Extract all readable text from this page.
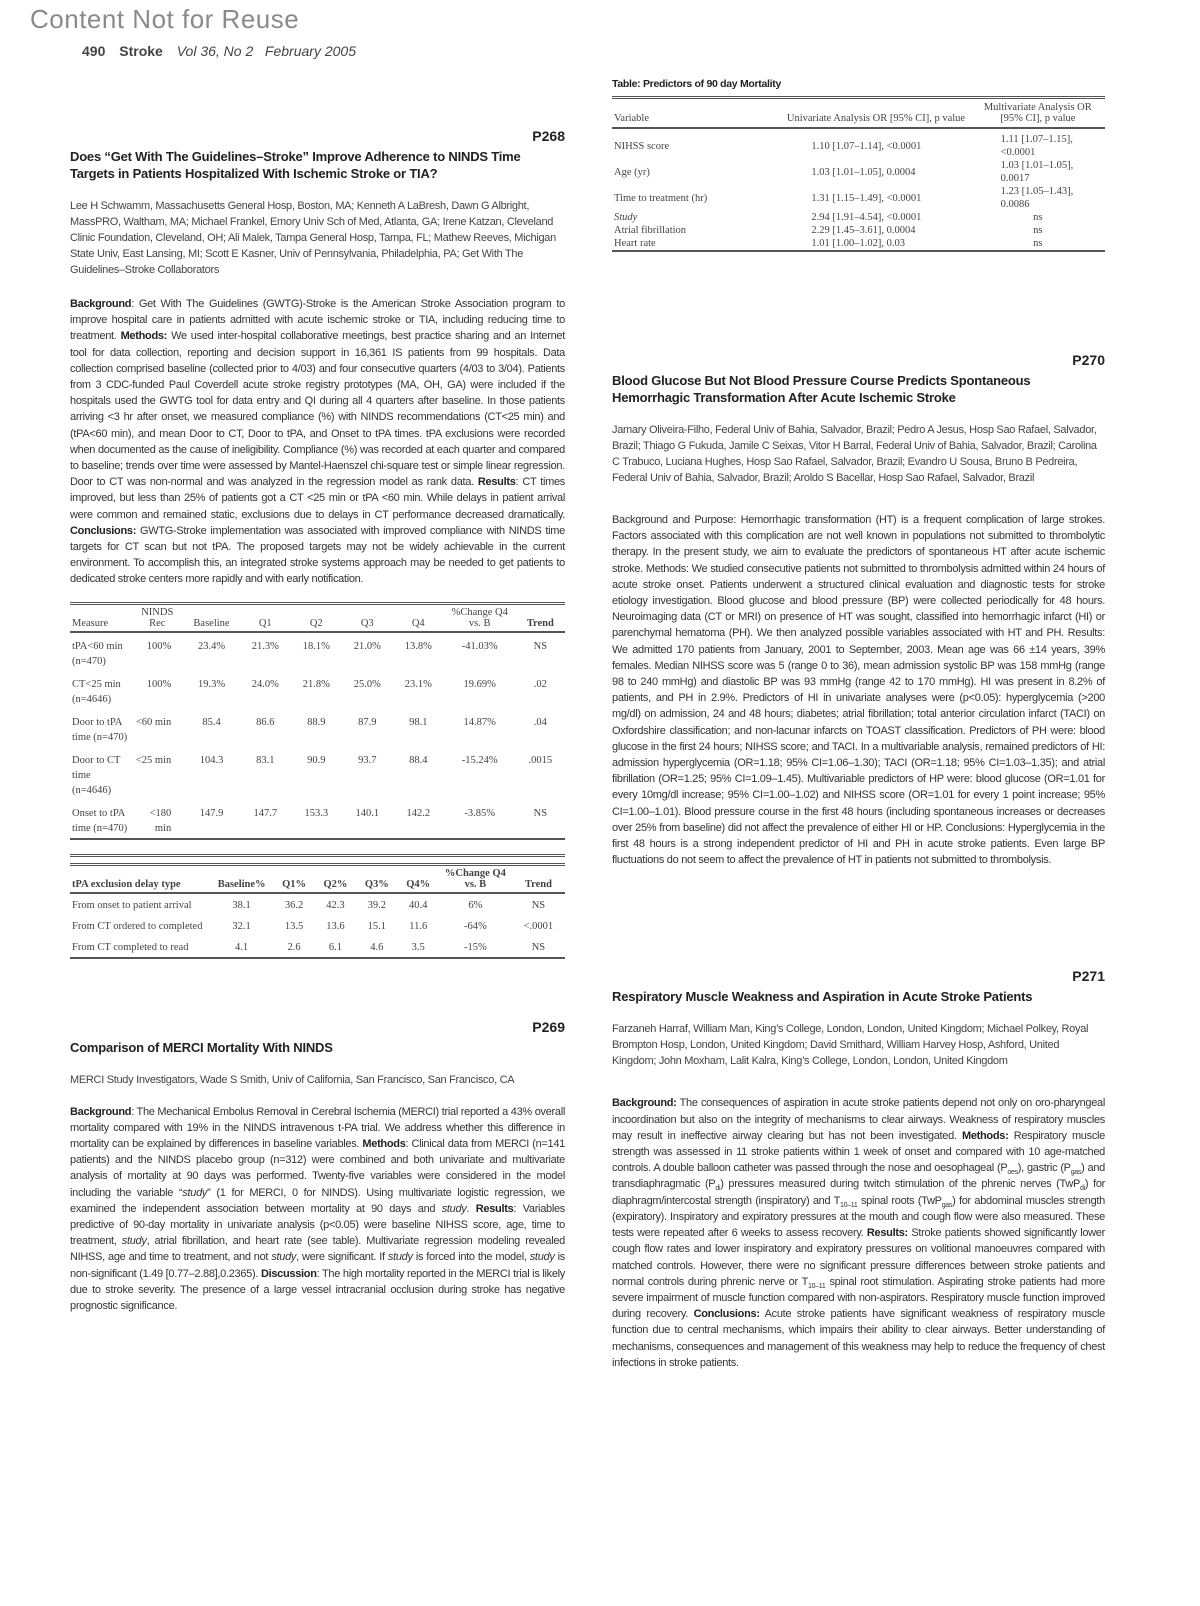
Content Not for Reuse
490 Stroke Vol 36, No 2 February 2005
P268
Does “Get With The Guidelines–Stroke” Improve Adherence to NINDS Time Targets in Patients Hospitalized With Ischemic Stroke or TIA?
Lee H Schwamm, Massachusetts General Hosp, Boston, MA; Kenneth A LaBresh, Dawn G Albright, MassPRO, Waltham, MA; Michael Frankel, Emory Univ Sch of Med, Atlanta, GA; Irene Katzan, Cleveland Clinic Foundation, Cleveland, OH; Ali Malek, Tampa General Hosp, Tampa, FL; Mathew Reeves, Michigan State Univ, East Lansing, MI; Scott E Kasner, Univ of Pennsylvania, Philadelphia, PA; Get With The Guidelines–Stroke Collaborators
Background: Get With The Guidelines (GWTG)-Stroke is the American Stroke Association program to improve hospital care in patients admitted with acute ischemic stroke or TIA, including reducing time to treatment. Methods: We used inter-hospital collaborative meetings, best practice sharing and an Internet tool for data collection, reporting and decision support in 16,361 IS patients from 99 hospitals. Data collection comprised baseline (collected prior to 4/03) and four consecutive quarters (4/03 to 3/04). Patients from 3 CDC-funded Paul Coverdell acute stroke registry prototypes (MA, OH, GA) were included if the hospitals used the GWTG tool for data entry and QI during all 4 quarters after baseline. In those patients arriving <3 hr after onset, we measured compliance (%) with NINDS recommendations (CT<25 min) and (tPA<60 min), and mean Door to CT, Door to tPA, and Onset to tPA times. tPA exclusions were recorded when documented as the cause of ineligibility. Compliance (%) was recorded at each quarter and compared to baseline; trends over time were assessed by Mantel-Haenszel chi-square test or simple linear regression. Door to CT was non-normal and was analyzed in the regression model as rank data. Results: CT times improved, but less than 25% of patients got a CT <25 min or tPA <60 min. While delays in patient arrival were common and remained static, exclusions due to delays in CT performance decreased dramatically. Conclusions: GWTG-Stroke implementation was associated with improved compliance with NINDS time targets for CT scan but not tPA. The proposed targets may not be widely achievable in the current environment. To accomplish this, an integrated stroke systems approach may be needed to get patients to dedicated stroke centers more rapidly and with early notification.
Measure	NINDS Rec	Baseline	Q1	Q2	Q3	Q4	%Change Q4 vs. B	Trend
tPA<60 min (n=470)	100%	23.4%	21.3%	18.1%	21.0%	13.8%	-41.03%	NS
CT<25 min (n=4646)	100%	19.3%	24.0%	21.8%	25.0%	23.1%	19.69%	.02
Door to tPA time (n=470)	<60 min	85.4	86.6	88.9	87.9	98.1	14.87%	.04
Door to CT time (n=4646)	<25 min	104.3	83.1	90.9	93.7	88.4	-15.24%	.0015
Onset to tPA time (n=470)	<180 min	147.9	147.7	153.3	140.1	142.2	-3.85%	NS
tPA exclusion delay type	Baseline%	Q1%	Q2%	Q3%	Q4%	%Change Q4 vs. B	Trend
From onset to patient arrival	38.1	36.2	42.3	39.2	40.4	6%	NS
From CT ordered to completed	32.1	13.5	13.6	15.1	11.6	-64%	<.0001
From CT completed to read	4.1	2.6	6.1	4.6	3.5	-15%	NS
P269
Comparison of MERCI Mortality With NINDS
MERCI Study Investigators, Wade S Smith, Univ of California, San Francisco, San Francisco, CA
Background: The Mechanical Embolus Removal in Cerebral Ischemia (MERCI) trial reported a 43% overall mortality compared with 19% in the NINDS intravenous t-PA trial. We address whether this difference in mortality can be explained by differences in baseline variables. Methods: Clinical data from MERCI (n=141 patients) and the NINDS placebo group (n=312) were combined and both univariate and multivariate analysis of mortality at 90 days was performed. Twenty-five variables were considered in the model including the variable “study” (1 for MERCI, 0 for NINDS). Using multivariate logistic regression, we examined the independent association between mortality at 90 days and study. Results: Variables predictive of 90-day mortality in univariate analysis (p<0.05) were baseline NIHSS score, age, time to treatment, study, atrial fibrillation, and heart rate (see table). Multivariate regression modeling revealed NIHSS, age and time to treatment, and not study, were significant. If study is forced into the model, study is non-significant (1.49 [0.77–2.88],0.2365). Discussion: The high mortality reported in the MERCI trial is likely due to stroke severity. The presence of a large vessel intracranial occlusion during stroke has negative prognostic significance.
Table: Predictors of 90 day Mortality
Variable	Univariate Analysis OR [95% CI], p value	Multivariate Analysis OR [95% CI], p value
NIHSS score	1.10 [1.07–1.14], <0.0001	1.11 [1.07–1.15], <0.0001
Age (yr)	1.03 [1.01–1.05], 0.0004	1.03 [1.01–1.05], 0.0017
Time to treatment (hr)	1.31 [1.15–1.49], <0.0001	1.23 [1.05–1.43], 0.0086
Study	2.94 [1.91–4.54], <0.0001	ns
Atrial fibrillation	2.29 [1.45–3.61], 0.0004	ns
Heart rate	1.01 [1.00–1.02], 0.03	ns
P270
Blood Glucose But Not Blood Pressure Course Predicts Spontaneous Hemorrhagic Transformation After Acute Ischemic Stroke
Jamary Oliveira-Filho, Federal Univ of Bahia, Salvador, Brazil; Pedro A Jesus, Hosp Sao Rafael, Salvador, Brazil; Thiago G Fukuda, Jamile C Seixas, Vitor H Barral, Federal Univ of Bahia, Salvador, Brazil; Carolina C Trabuco, Luciana Hughes, Hosp Sao Rafael, Salvador, Brazil; Evandro U Sousa, Bruno B Pedreira, Federal Univ of Bahia, Salvador, Brazil; Aroldo S Bacellar, Hosp Sao Rafael, Salvador, Brazil
Background and Purpose: Hemorrhagic transformation (HT) is a frequent complication of large strokes. Factors associated with this complication are not well known in populations not submitted to thrombolytic therapy. In the present study, we aim to evaluate the predictors of spontaneous HT after acute ischemic stroke. Methods: We studied consecutive patients not submitted to thrombolysis admitted within 24 hours of acute stroke onset. Patients underwent a structured clinical evaluation and diagnostic tests for stroke etiology investigation. Blood glucose and blood pressure (BP) were collected periodically for 48 hours. Neuroimaging data (CT or MRI) on presence of HT was sought, classified into hemorrhagic infarct (HI) or parenchymal hematoma (PH). We then analyzed possible variables associated with HT and PH. Results: We admitted 170 patients from January, 2001 to September, 2003. Mean age was 66 ±14 years, 39% females. Median NIHSS score was 5 (range 0 to 36), mean admission systolic BP was 158 mmHg (range 98 to 240 mmHg) and diastolic BP was 93 mmHg (range 42 to 170 mmHg). HI was present in 8.2% of patients, and PH in 2.9%. Predictors of HI in univariate analyses were (p<0.05): hyperglycemia (>200 mg/dl) on admission, 24 and 48 hours; diabetes; atrial fibrillation; total anterior circulation infarct (TACI) on Oxfordshire classification; and non-lacunar infarcts on TOAST classification. Predictors of PH were: blood glucose in the first 24 hours; NIHSS score; and TACI. In a multivariable analysis, remained predictors of HI: admission hyperglycemia (OR=1.18; 95% CI=1.06–1.30); TACI (OR=1.18; 95% CI=1.03–1.35); and atrial fibrillation (OR=1.25; 95% CI=1.09–1.45). Multivariable predictors of HP were: blood glucose (OR=1.01 for every 10mg/dl increase; 95% CI=1.00–1.02) and NIHSS score (OR=1.01 for every 1 point increase; 95% CI=1.00–1.01). Blood pressure course in the first 48 hours (including spontaneous increases or decreases over 25% from baseline) did not affect the prevalence of either HI or HP. Conclusions: Hyperglycemia in the first 48 hours is a strong independent predictor of HI and PH in acute stroke patients. Even large BP fluctuations do not seem to affect the prevalence of HT in patients not submitted to thrombolysis.
P271
Respiratory Muscle Weakness and Aspiration in Acute Stroke Patients
Farzaneh Harraf, William Man, King’s College, London, London, United Kingdom; Michael Polkey, Royal Brompton Hosp, London, United Kingdom; David Smithard, William Harvey Hosp, Ashford, United Kingdom; John Moxham, Lalit Kalra, King’s College, London, London, United Kingdom
Background: The consequences of aspiration in acute stroke patients depend not only on oro-pharyngeal incoordination but also on the integrity of mechanisms to clear airways. Weakness of respiratory muscles may result in ineffective airway clearing but has not been investigated. Methods: Respiratory muscle strength was assessed in 11 stroke patients within 1 week of onset and compared with 10 age-matched controls. A double balloon catheter was passed through the nose and oesophageal $(P_{oes})$, gastric $(P_{gas})$ and transdiaphragmatic $(P_{di})$ pressures measured during twitch stimulation of the phrenic nerves (TwP$_{di}$) for diaphragm/intercostal strength (inspiratory) and $T_{10-11}$ spinal roots (TwP$_{gas}$) for abdominal muscles strength (expiratory). Inspiratory and expiratory pressures at the mouth and cough flow were also measured. These tests were repeated after 6 weeks to assess recovery. Results: Stroke patients showed significantly lower cough flow rates and lower inspiratory and expiratory pressures on volitional manoeuvres compared with matched controls. However, there were no significant pressure differences between stroke patients and normal controls during phrenic nerve or $T_{10-11}$ spinal root stimulation. Aspirating stroke patients had more severe impairment of muscle function compared with non-aspirators. Respiratory muscle function improved during recovery. Conclusions: Acute stroke patients have significant weakness of respiratory muscle function due to central mechanisms, which impairs their ability to clear airways. Better understanding of mechanisms, consequences and management of this weakness may help to reduce the frequency of chest infections in stroke patients.
